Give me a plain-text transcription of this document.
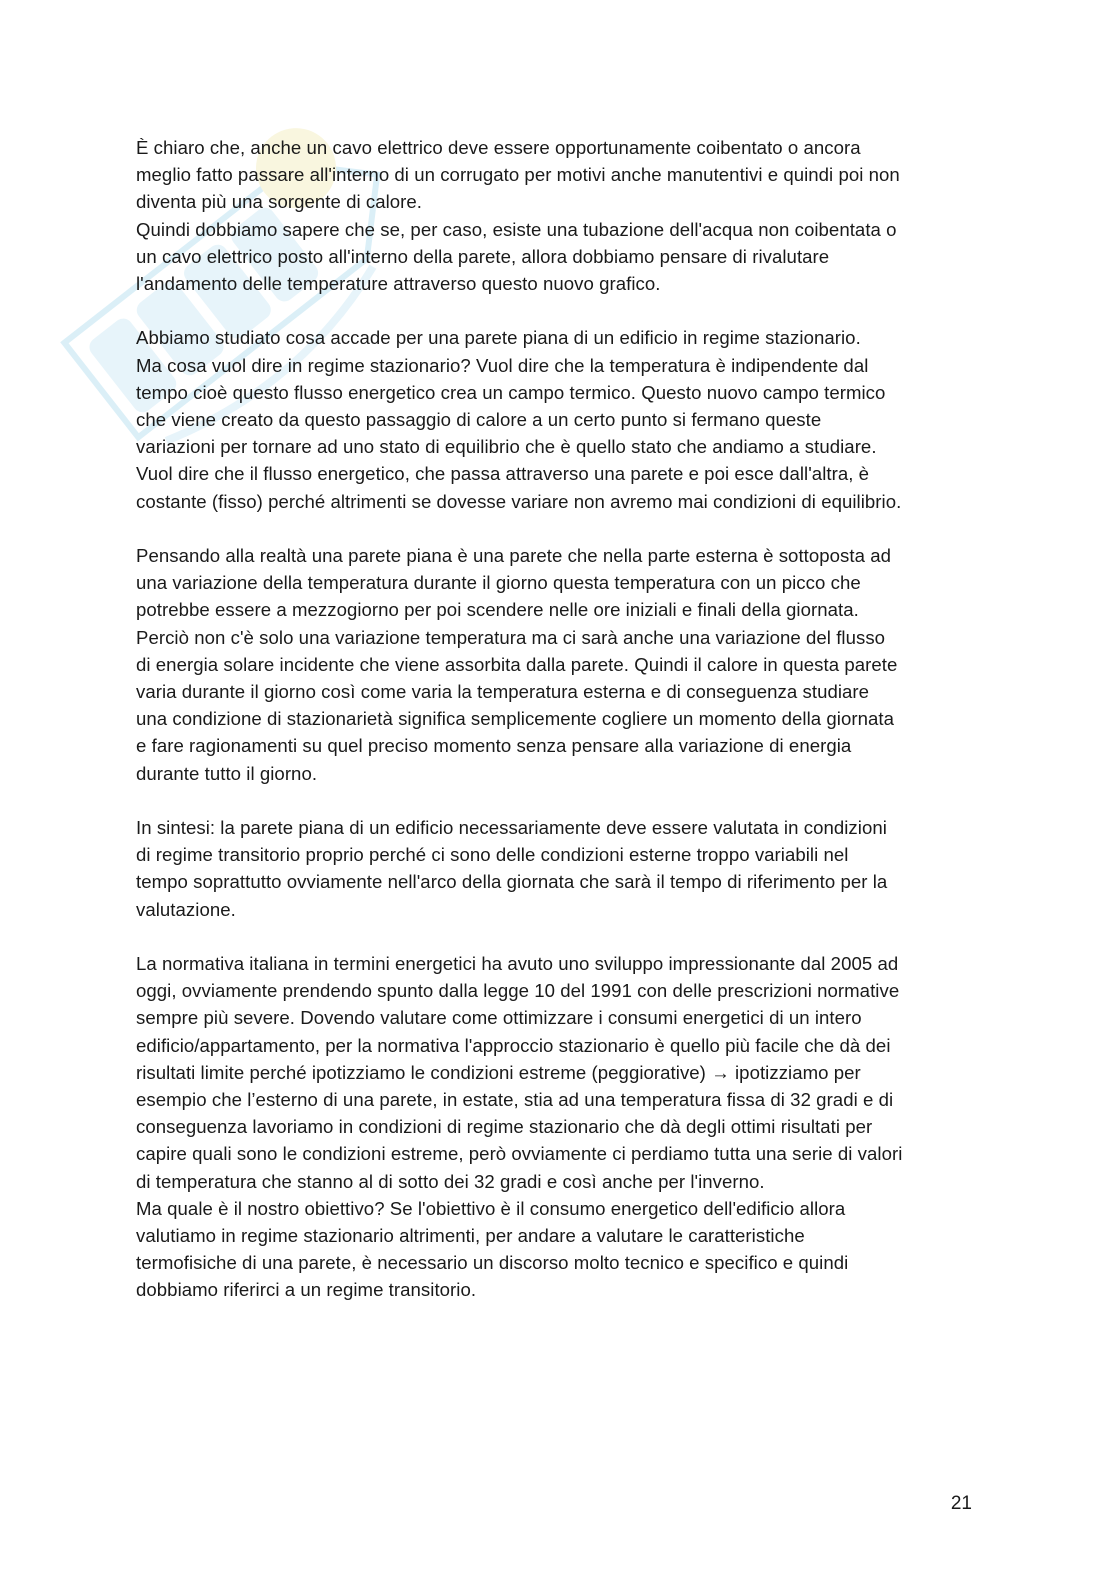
È chiaro che, anche un cavo elettrico deve essere opportunamente coibentato o ancora
meglio fatto passare all'interno di un corrugato per motivi anche manutentivi e quindi poi non
diventa più una sorgente di calore.

Quindi dobbiamo sapere che se, per caso, esiste una tubazione dell'acqua non coibentata o
un cavo elettrico posto all'interno della parete, allora dobbiamo pensare di rivalutare
l'andamento delle temperature attraverso questo nuovo grafico.

Abbiamo studiato cosa accade per una parete piana di un edificio in regime stazionario.
Ma cosa vuol dire in regime stazionario? Vuol dire che la temperatura è indipendente dal
tempo cioè questo flusso energetico crea un campo termico. Questo nuovo campo termico
che viene creato da questo passaggio di calore a un certo punto si fermano queste
variazioni per tornare ad uno stato di equilibrio che è quello stato che andiamo a studiare.
Vuol dire che il flusso energetico, che passa attraverso una parete e poi esce dall'altra, è
costante (fisso) perché altrimenti se dovesse variare non avremo mai condizioni di equilibrio.

Pensando alla realtà una parete piana è una parete che nella parte esterna è sottoposta ad
una variazione della temperatura durante il giorno questa temperatura con un picco che
potrebbe essere a mezzogiorno per poi scendere nelle ore iniziali e finali della giornata.
Perciò non c'è solo una variazione temperatura ma ci sarà anche una variazione del flusso
di energia solare incidente che viene assorbita dalla parete. Quindi il calore in questa parete
varia durante il giorno così come varia la temperatura esterna e di conseguenza studiare
una condizione di stazionarietà significa semplicemente cogliere un momento della giornata
e fare ragionamenti su quel preciso momento senza pensare alla variazione di energia
durante tutto il giorno.

In sintesi: la parete piana di un edificio necessariamente deve essere valutata in condizioni
di regime transitorio proprio perché ci sono delle condizioni esterne troppo variabili nel
tempo soprattutto ovviamente nell'arco della giornata che sarà il tempo di riferimento per la
valutazione.

La normativa italiana in termini energetici ha avuto uno sviluppo impressionante dal 2005 ad
oggi, ovviamente prendendo spunto dalla legge 10 del 1991 con delle prescrizioni normative
sempre più severe. Dovendo valutare come ottimizzare i consumi energetici di un intero
edificio/appartamento, per la normativa l'approccio stazionario è quello più facile che dà dei
risultati limite perché ipotizziamo le condizioni estreme (peggiorative) → ipotizziamo per
esempio che l’esterno di una parete, in estate, stia ad una temperatura fissa di 32 gradi e di
conseguenza lavoriamo in condizioni di regime stazionario che dà degli ottimi risultati per
capire quali sono le condizioni estreme, però ovviamente ci perdiamo tutta una serie di valori
di temperatura che stanno al di sotto dei 32 gradi e così anche per l'inverno.

Ma quale è il nostro obiettivo? Se l'obiettivo è il consumo energetico dell'edificio allora
valutiamo in regime stazionario altrimenti, per andare a valutare le caratteristiche
termofisiche di una parete, è necessario un discorso molto tecnico e specifico e quindi
dobbiamo riferirci a un regime transitorio.

21
